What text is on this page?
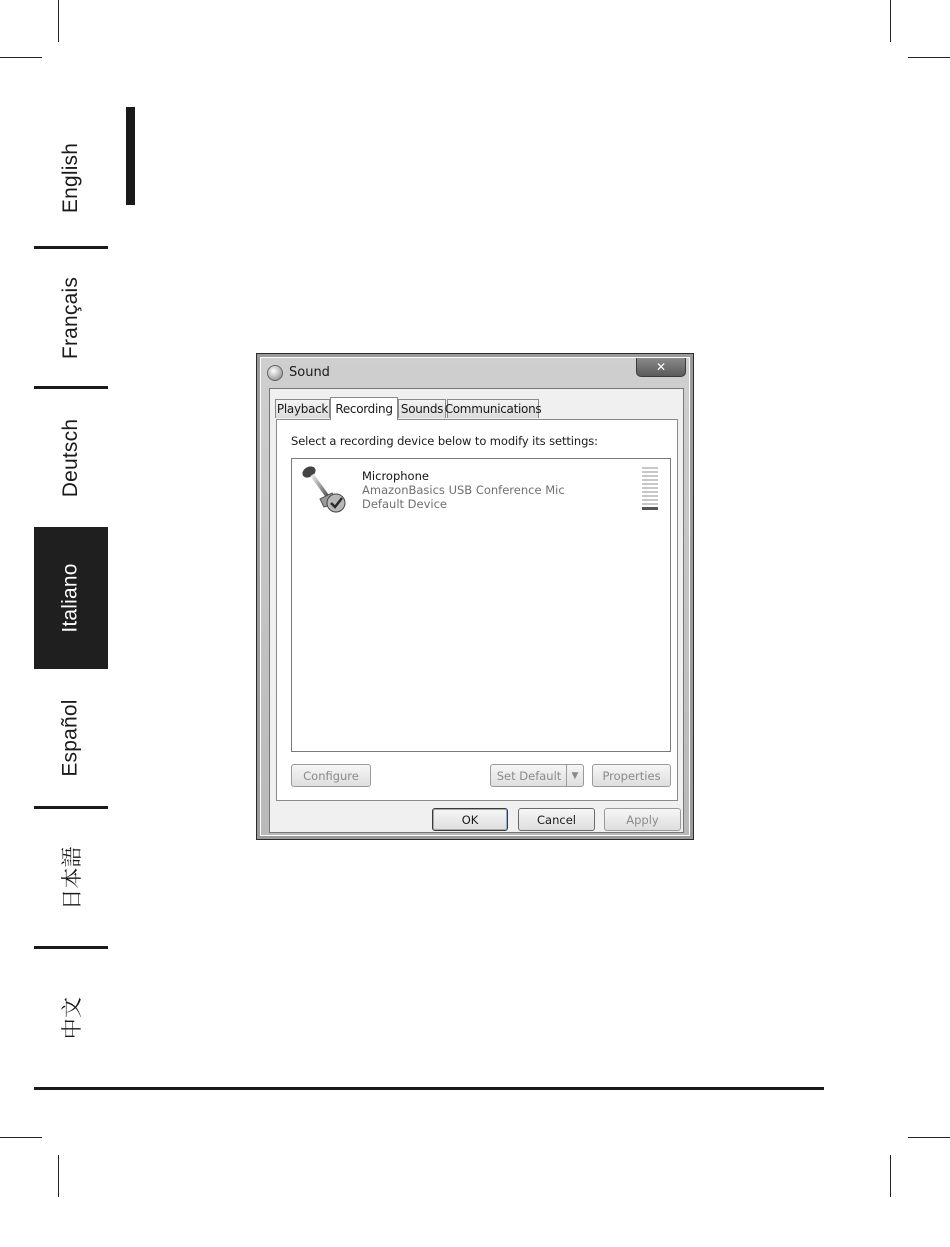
English
Français
Deutsch
Italiano
Español
日本語
中文
Sound	✕
Playback Recording Sounds Communications
Select a recording device below to modify its settings:
Microphone
AmazonBasics USB Conference Mic
Default Device
Configure	Set Default	▼	Properties
OK	Cancel	Apply
